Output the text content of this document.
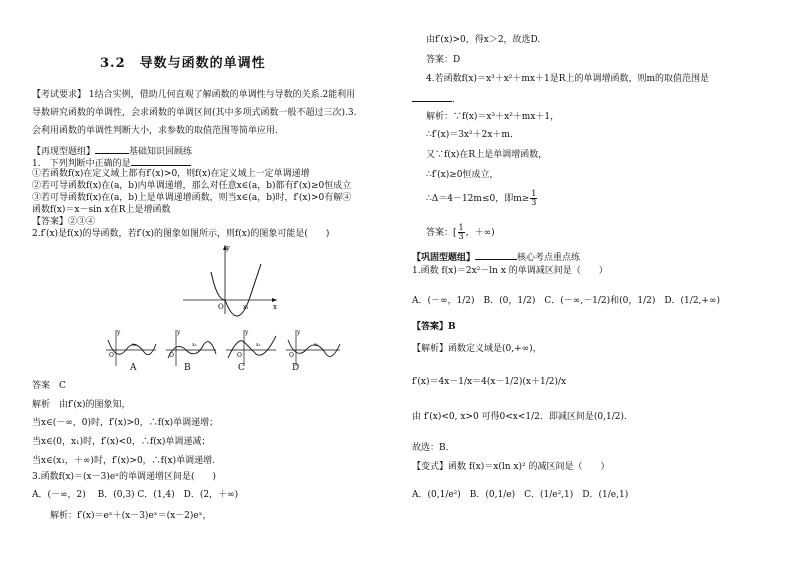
3.2　导数与函数的单调性
【考试要求】 1结合实例，借助几何直观了解函数的单调性与导数的关系.2能利用
导数研究函数的单调性，会求函数的单调区间(其中多项式函数一般不超过三次).3.
会利用函数的单调性判断大小，求参数的取值范围等简单应用.
【再现型题组】	基础知识回顾练
1.　下列判断中正确的是
①若函数f(x)在定义域上都有f′(x)>0，则f(x)在定义域上一定单调递增
②若可导函数f(x)在(a，b)内单调递增，那么对任意x∈(a，b)都有f′(x)≥0恒成立
③若可导函数f(x)在(a，b)上是单调递增函数，则当x∈(a，b)时，f′(x)>0有解④
函数f(x)＝x－sin x在R上是增函数
【答案】②③④
2.f′(x)是f(x)的导函数，若f′(x)的图象如图所示，则f(x)的图象可能是(　　)
O
y
x
x₁
O
x₁
y
O
x₁
y
O
x₁
y
O
x₁
y
A	B	C	D
答案　C
解析　由f′(x)的图象知，
当x∈(－∞，0)时，f′(x)>0，∴f(x)单调递增；
当x∈(0，x₁)时，f′(x)<0，∴f(x)单调递减；
当x∈(x₁，＋∞)时，f′(x)>0，∴f(x)单调递增.
3.函数f(x)＝(x－3)eˣ的单调递增区间是(　　)
A．(－∞，2)　 B．(0,3) C．(1,4)　D．(2，＋∞)
解析：f′(x)＝eˣ＋(x－3)eˣ＝(x－2)eˣ，
由f′(x)>0，得x＞2，故选D.
答案：D
4.若函数f(x)＝x³＋x²＋mx＋1是R上的单调增函数，则m的取值范围是
.
解析：∵f(x)＝x³＋x²＋mx＋1，
∴f′(x)＝3x²＋2x＋m.
又∵f(x)在R上是单调增函数，
∴f′(x)≥0恒成立，
∴Δ＝4－12m≤0，即$m\ge \frac{1}{3}$
答案：[ $\frac{1}{3}$ ，＋∞)
【巩固型题组】	核心考点重点练
1.函数 f(x)＝2x²－ln x 的单调减区间是（　　）
A．(－∞，1/2)　B．(0，1/2)　C．(－∞,－1/2)和(0，1/2)　D．(1/2,+∞)
【答案】B
【解析】函数定义域是(0,+∞)，
f′(x)＝4x－1/x＝4(x－1/2)(x＋1/2)/x
由 f′(x)<0, x>0 可得0<x<1/2．即减区间是(0,1/2)．
故选：B．
【变式】函数 f(x)＝x(ln x)² 的减区间是（　　）
A．(0,1/e²)　B．(0,1/e)　C．(1/e²,1)　D．(1/e,1)
